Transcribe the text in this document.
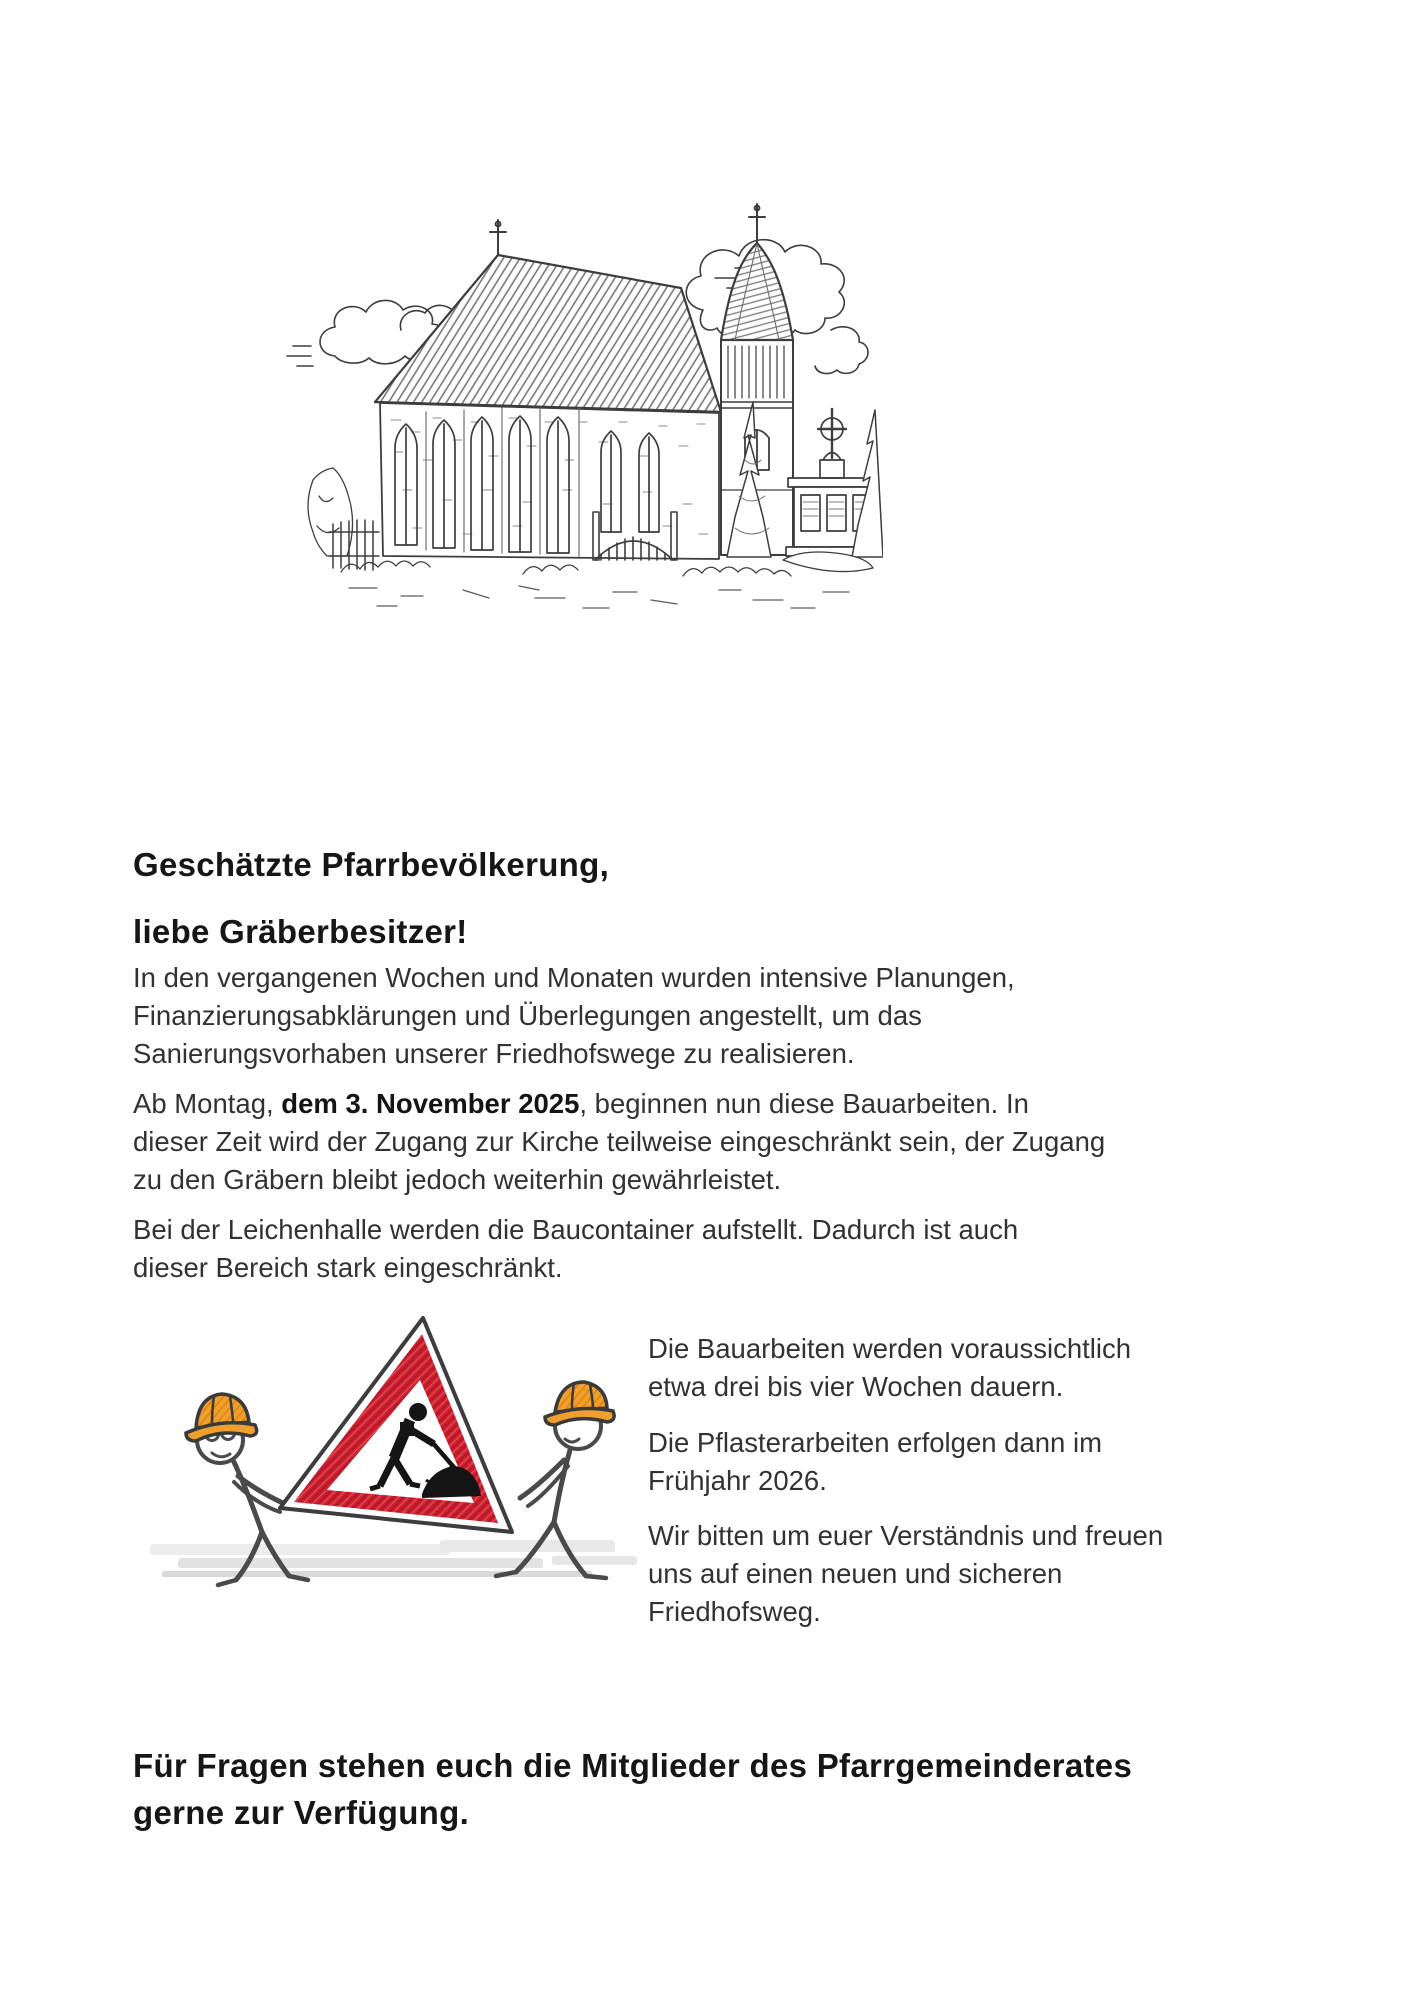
Geschätzte Pfarrbevölkerung,
liebe Gräberbesitzer!
In den vergangenen Wochen und Monaten wurden intensive Planungen,
Finanzierungsabklärungen und Überlegungen angestellt, um das
Sanierungsvorhaben unserer Friedhofswege zu realisieren.
Ab Montag, dem 3. November 2025, beginnen nun diese Bauarbeiten. In
dieser Zeit wird der Zugang zur Kirche teilweise eingeschränkt sein, der Zugang
zu den Gräbern bleibt jedoch weiterhin gewährleistet.
Bei der Leichenhalle werden die Baucontainer aufstellt. Dadurch ist auch
dieser Bereich stark eingeschränkt.
Die Bauarbeiten werden voraussichtlich
etwa drei bis vier Wochen dauern.
Die Pflasterarbeiten erfolgen dann im
Frühjahr 2026.
Wir bitten um euer Verständnis und freuen
uns auf einen neuen und sicheren
Friedhofsweg.
Für Fragen stehen euch die Mitglieder des Pfarrgemeinderates
gerne zur Verfügung.
